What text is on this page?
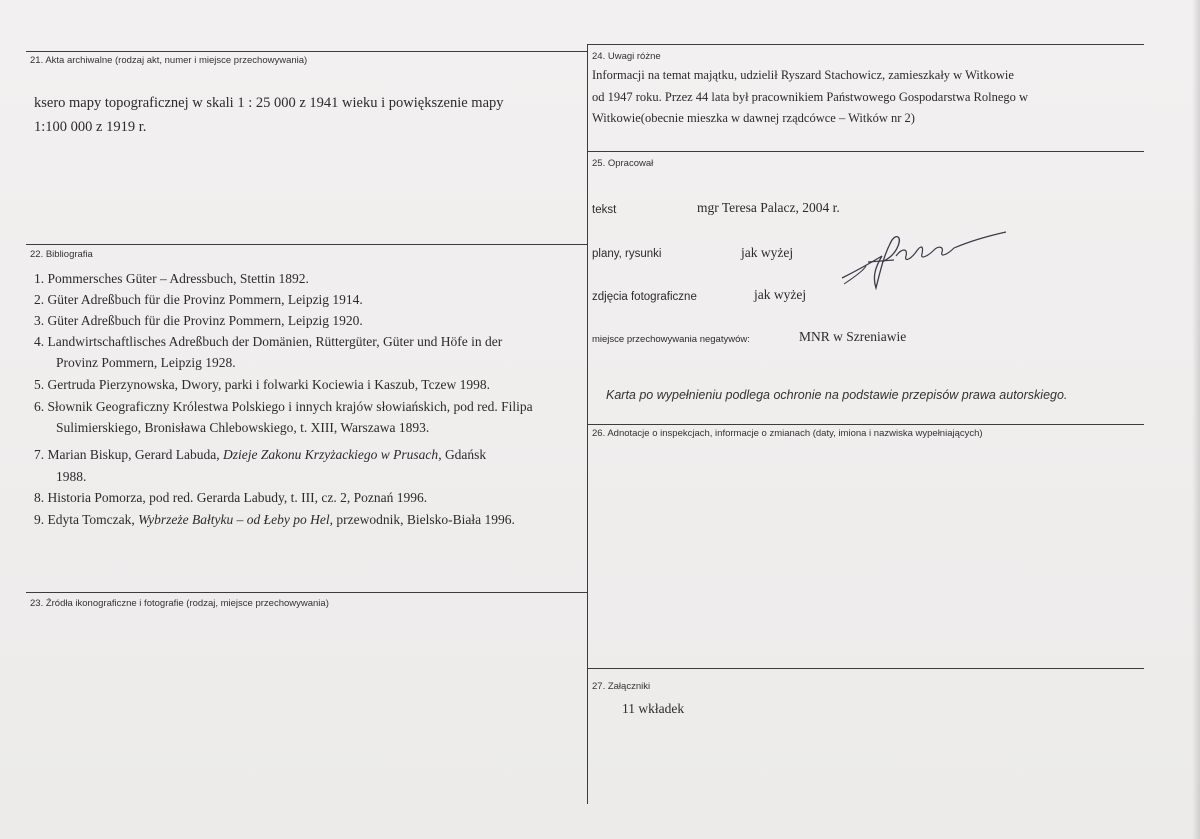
21. Akta archiwalne (rodzaj akt, numer i miejsce przechowywania)
ksero mapy topograficznej w skali 1 : 25 000 z 1941 wieku i powiększenie mapy
1:100 000 z 1919 r.
22. Bibliografia
1. Pommersches Güter – Adressbuch, Stettin 1892.
2. Güter Adreßbuch für die Provinz Pommern, Leipzig 1914.
3. Güter Adreßbuch für die Provinz Pommern, Leipzig 1920.
4. Landwirtschaftlisches Adreßbuch der Domänien, Rüttergüter, Güter und Höfe in der
Provinz Pommern, Leipzig 1928.
5. Gertruda Pierzynowska, Dwory, parki i folwarki Kociewia i Kaszub, Tczew 1998.
6. Słownik Geograficzny Królestwa Polskiego i innych krajów słowiańskich, pod red. Filipa
Sulimierskiego, Bronisława Chlebowskiego, t. XIII, Warszawa 1893.
7. Marian Biskup, Gerard Labuda, Dzieje Zakonu Krzyżackiego w Prusach, Gdańsk
1988.
8. Historia Pomorza, pod red. Gerarda Labudy, t. III, cz. 2, Poznań 1996.
9. Edyta Tomczak, Wybrzeże Bałtyku – od Łeby po Hel, przewodnik, Bielsko-Biała 1996.
23. Źródła ikonograficzne i fotografie (rodzaj, miejsce przechowywania)
24. Uwagi różne
Informacji na temat majątku, udzielił Ryszard Stachowicz, zamieszkały w Witkowie
od 1947 roku. Przez 44 lata był pracownikiem Państwowego Gospodarstwa Rolnego w
Witkowie(obecnie mieszka w dawnej rządcówce – Witków nr 2)
25. Opracował
tekst	mgr Teresa Palacz, 2004 r.
plany, rysunki	jak wyżej
zdjęcia fotograficzne	jak wyżej
miejsce przechowywania negatywów:	MNR w Szreniawie
Karta po wypełnieniu podlega ochronie na podstawie przepisów prawa autorskiego.
26. Adnotacje o inspekcjach, informacje o zmianach (daty, imiona i nazwiska wypełniających)
27. Załączniki
11 wkładek
